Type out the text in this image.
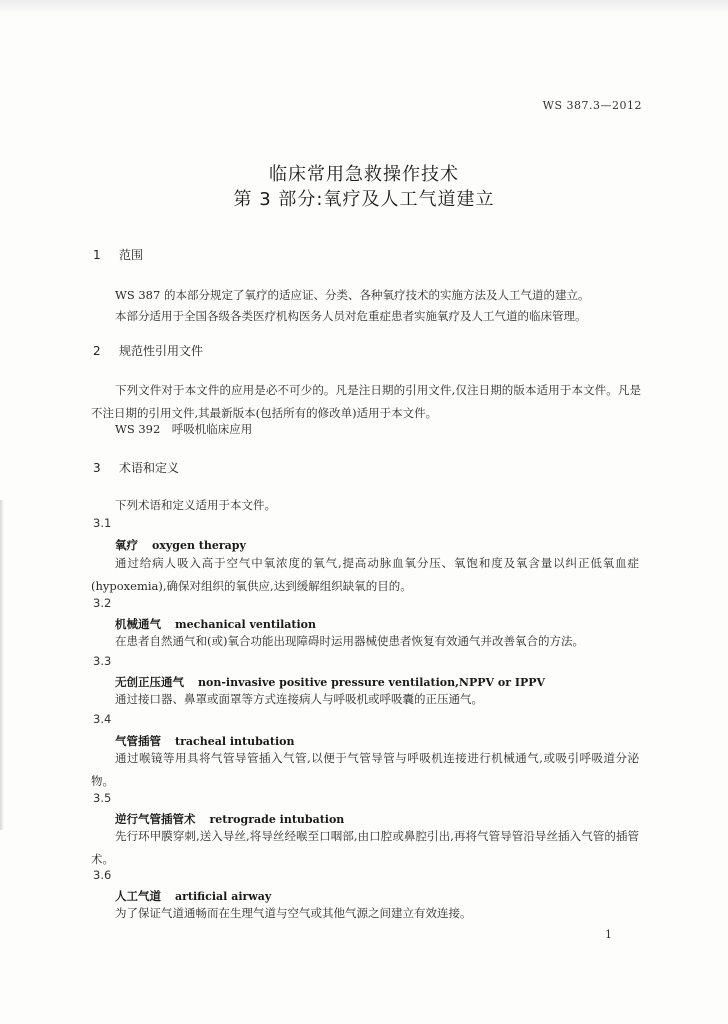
WS 387.3—2012
临床常用急救操作技术
第 3 部分:氧疗及人工气道建立
1 范围
WS 387 的本部分规定了氧疗的适应证、分类、各种氧疗技术的实施方法及人工气道的建立。
本部分适用于全国各级各类医疗机构医务人员对危重症患者实施氧疗及人工气道的临床管理。
2 规范性引用文件
下列文件对于本文件的应用是必不可少的。凡是注日期的引用文件,仅注日期的版本适用于本文件。凡是不注日期的引用文件,其最新版本(包括所有的修改单)适用于本文件。
WS 392　呼吸机临床应用
3 术语和定义
下列术语和定义适用于本文件。
3.1
氧疗 oxygen therapy
通过给病人吸入高于空气中氧浓度的氧气,提高动脉血氧分压、氧饱和度及氧含量以纠正低氧血症(hypoxemia),确保对组织的氧供应,达到缓解组织缺氧的目的。
3.2
机械通气 mechanical ventilation
在患者自然通气和(或)氧合功能出现障碍时运用器械使患者恢复有效通气并改善氧合的方法。
3.3
无创正压通气 non-invasive positive pressure ventilation,NPPV or IPPV
通过接口器、鼻罩或面罩等方式连接病人与呼吸机或呼吸囊的正压通气。
3.4
气管插管 tracheal intubation
通过喉镜等用具将气管导管插入气管,以便于气管导管与呼吸机连接进行机械通气,或吸引呼吸道分泌物。
3.5
逆行气管插管术 retrograde intubation
先行环甲膜穿刺,送入导丝,将导丝经喉至口咽部,由口腔或鼻腔引出,再将气管导管沿导丝插入气管的插管术。
3.6
人工气道 artificial airway
为了保证气道通畅而在生理气道与空气或其他气源之间建立有效连接。
1
